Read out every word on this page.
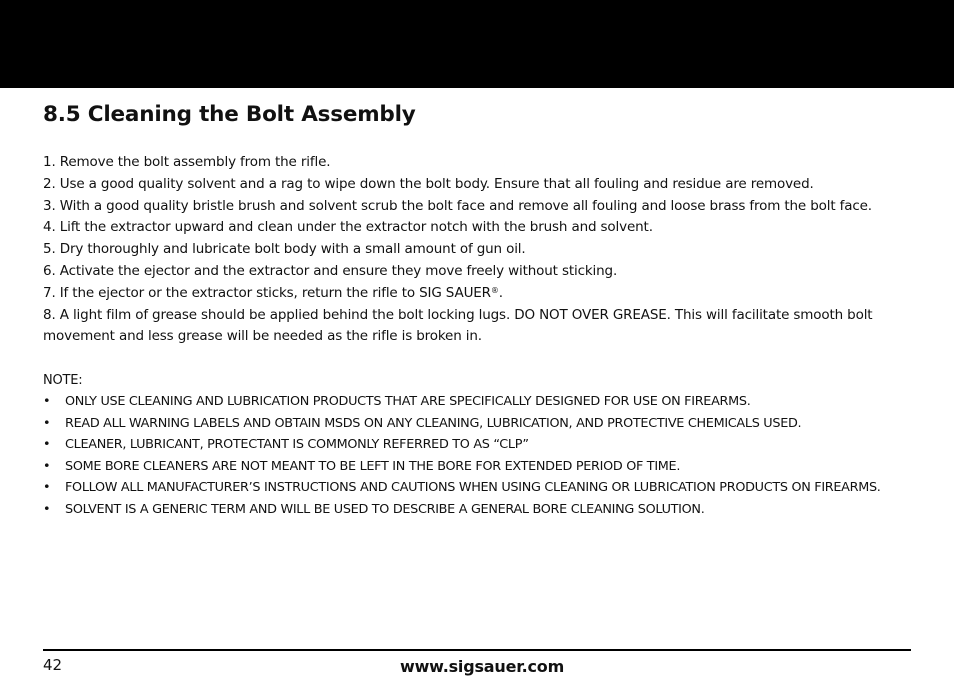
8.5 Cleaning the Bolt Assembly
1. Remove the bolt assembly from the rifle.
2. Use a good quality solvent and a rag to wipe down the bolt body. Ensure that all fouling and residue are removed.
3. With a good quality bristle brush and solvent scrub the bolt face and remove all fouling and loose brass from the bolt face.
4. Lift the extractor upward and clean under the extractor notch with the brush and solvent.
5. Dry thoroughly and lubricate bolt body with a small amount of gun oil.
6. Activate the ejector and the extractor and ensure they move freely without sticking.
7. If the ejector or the extractor sticks, return the rifle to SIG SAUER®.
8. A light film of grease should be applied behind the bolt locking lugs. DO NOT OVER GREASE. This will facilitate smooth bolt movement and less grease will be needed as the rifle is broken in.
NOTE:
• ONLY USE CLEANING AND LUBRICATION PRODUCTS THAT ARE SPECIFICALLY DESIGNED FOR USE ON FIREARMS.
• READ ALL WARNING LABELS AND OBTAIN MSDS ON ANY CLEANING, LUBRICATION, AND PROTECTIVE CHEMICALS USED.
• CLEANER, LUBRICANT, PROTECTANT IS COMMONLY REFERRED TO AS “CLP”
• SOME BORE CLEANERS ARE NOT MEANT TO BE LEFT IN THE BORE FOR EXTENDED PERIOD OF TIME.
• FOLLOW ALL MANUFACTURER’S INSTRUCTIONS AND CAUTIONS WHEN USING CLEANING OR LUBRICATION PRODUCTS ON FIREARMS.
• SOLVENT IS A GENERIC TERM AND WILL BE USED TO DESCRIBE A GENERAL BORE CLEANING SOLUTION.
42	www.sigsauer.com
